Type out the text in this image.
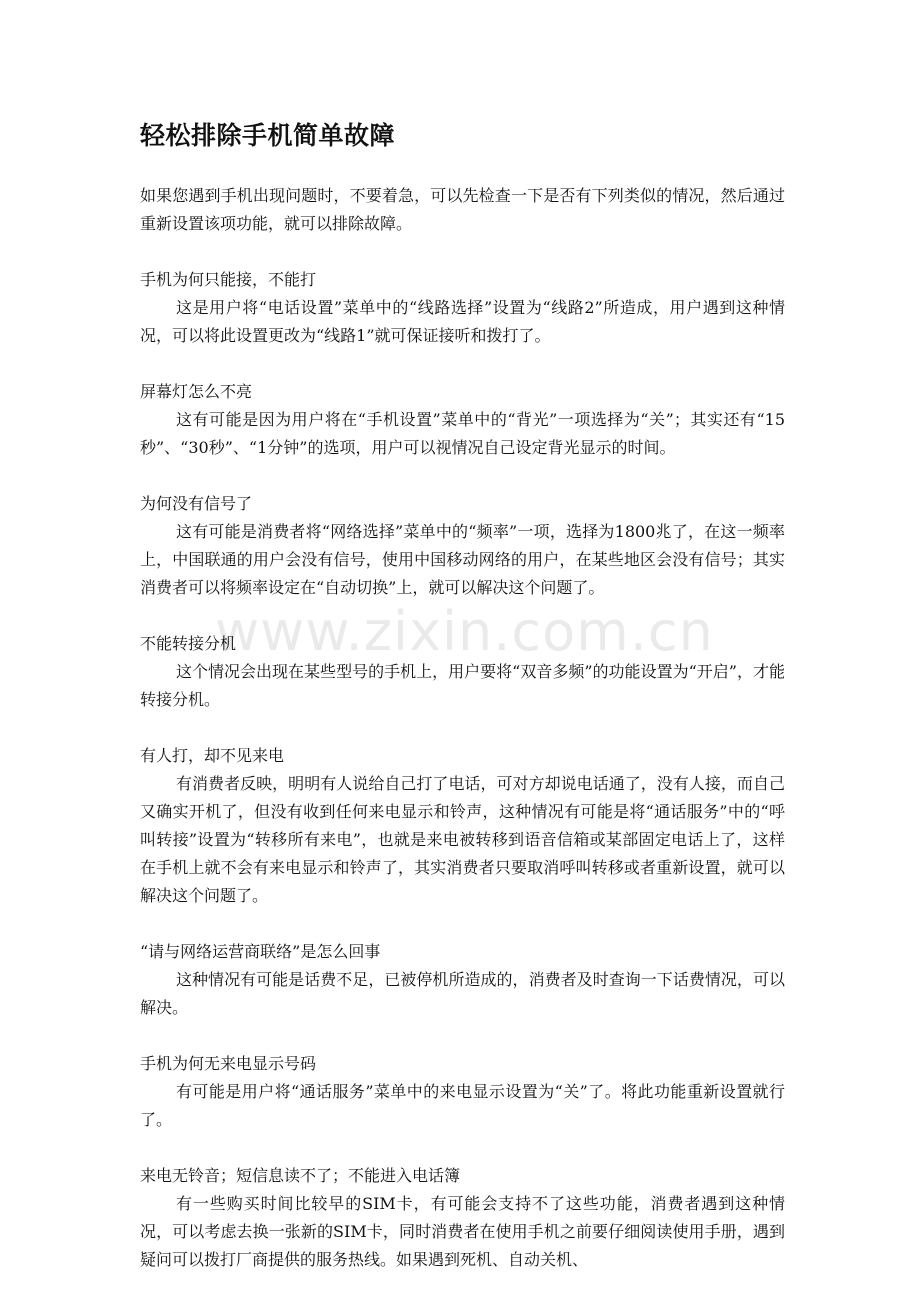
轻松排除手机简单故障

如果您遇到手机出现问题时，不要着急，可以先检查一下是否有下列类似的情况，然后通过重新设置该项功能，就可以排除故障。

手机为何只能接，不能打

这是用户将“电话设置”菜单中的“线路选择”设置为“线路2”所造成，用户遇到这种情况，可以将此设置更改为“线路1”就可保证接听和拨打了。

屏幕灯怎么不亮

这有可能是因为用户将在“手机设置”菜单中的“背光”一项选择为“关”；其实还有“15秒”、“30秒”、“1分钟”的选项，用户可以视情况自己设定背光显示的时间。

为何没有信号了

这有可能是消费者将“网络选择”菜单中的“频率”一项，选择为1800兆了，在这一频率上，中国联通的用户会没有信号，使用中国移动网络的用户，在某些地区会没有信号；其实消费者可以将频率设定在“自动切换”上，就可以解决这个问题了。

不能转接分机

这个情况会出现在某些型号的手机上，用户要将“双音多频”的功能设置为“开启”，才能转接分机。

有人打，却不见来电

有消费者反映，明明有人说给自己打了电话，可对方却说电话通了，没有人接，而自己又确实开机了，但没有收到任何来电显示和铃声，这种情况有可能是将“通话服务”中的“呼叫转接”设置为“转移所有来电”，也就是来电被转移到语音信箱或某部固定电话上了，这样在手机上就不会有来电显示和铃声了，其实消费者只要取消呼叫转移或者重新设置，就可以解决这个问题了。

“请与网络运营商联络”是怎么回事

这种情况有可能是话费不足，已被停机所造成的，消费者及时查询一下话费情况，可以解决。

手机为何无来电显示号码

有可能是用户将“通话服务”菜单中的来电显示设置为“关”了。将此功能重新设置就行了。

来电无铃音；短信息读不了；不能进入电话簿

有一些购买时间比较早的SIM卡，有可能会支持不了这些功能，消费者遇到这种情况，可以考虑去换一张新的SIM卡，同时消费者在使用手机之前要仔细阅读使用手册，遇到疑问可以拨打厂商提供的服务热线。如果遇到死机、自动关机、

www.zixin.com.cn
